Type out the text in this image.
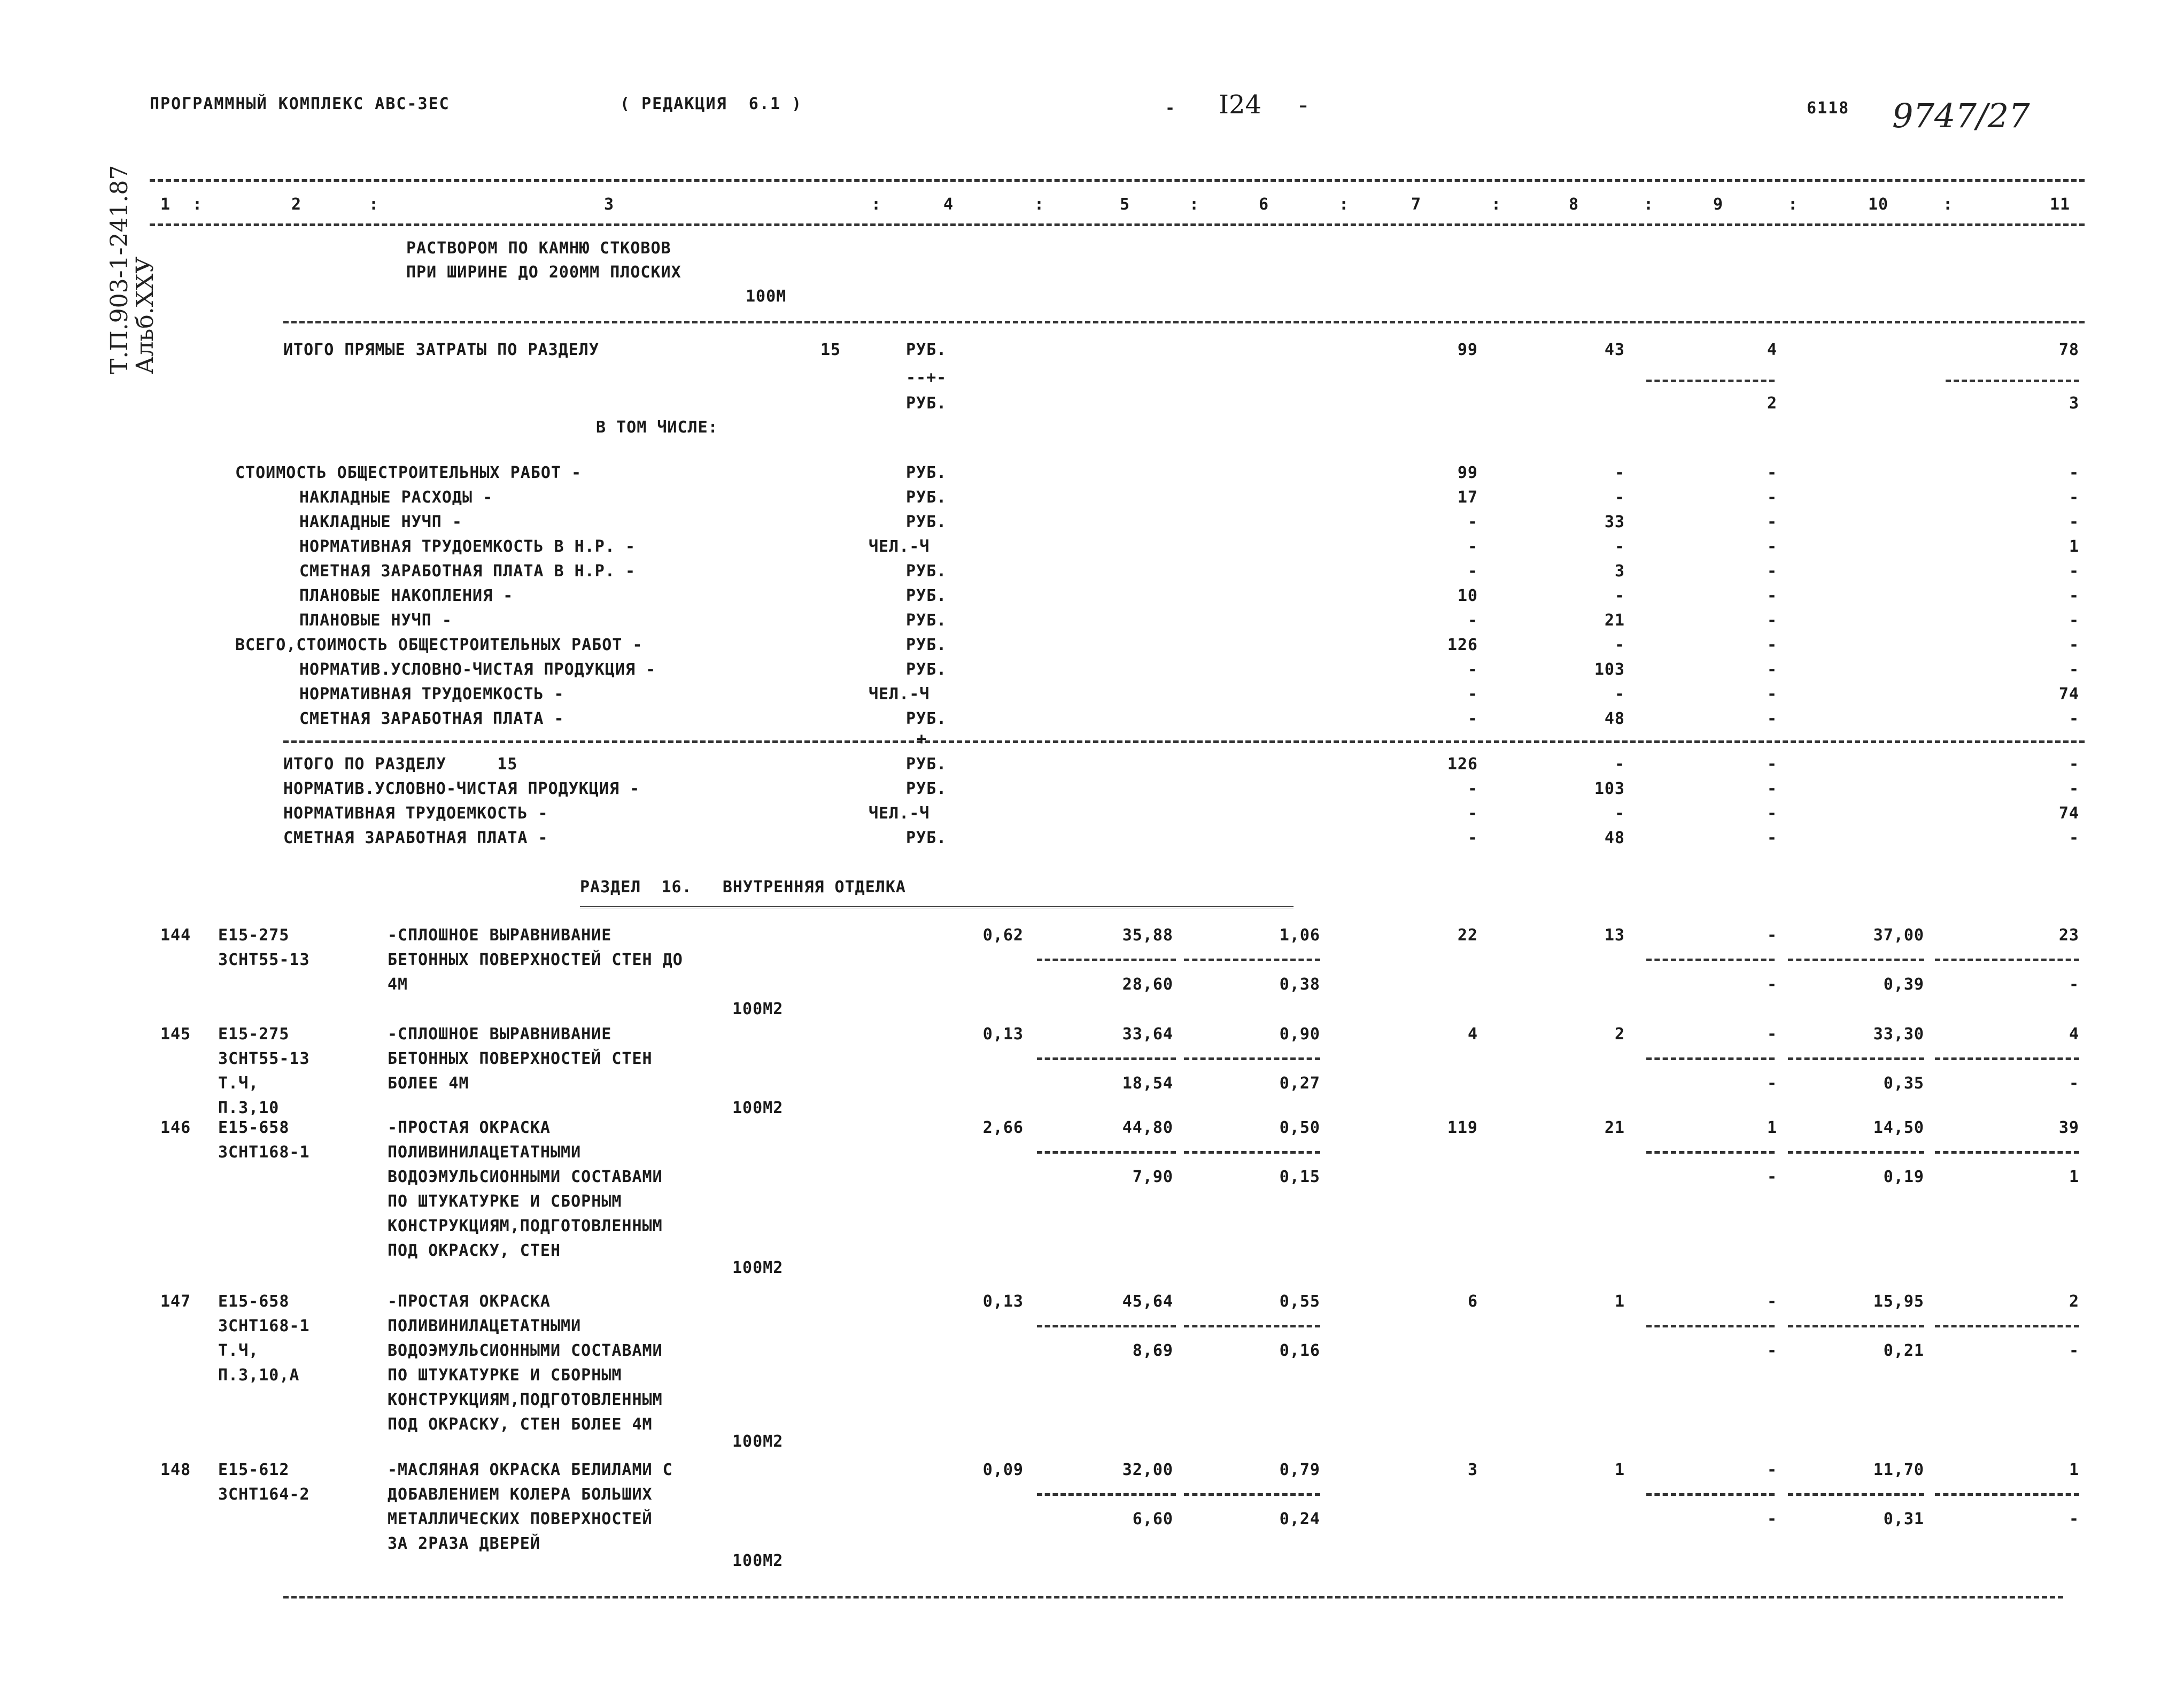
ПРОГРАММНЫЙ КОМПЛЕКС АВС-ЗЕС	( РЕДАКЦИЯ  6.1 )	- I24 -	6118 9747/27
Т.П.903-1-241.87
Альб.XXУ
1 :	2	:	3	:	4	:	5	:	6	:	7	:	8	:	9	:	10	:	11
РАСТВОРОМ ПО КАМНЮ СТКОВОВ
ПРИ ШИРИНЕ ДО 200ММ ПЛОСКИХ
100М
ИТОГО ПРЯМЫЕ ЗАТРАТЫ ПО РАЗДЕЛУ	15	РУБ.	99	43	4	78
--+-
РУБ.	2	3
В ТОМ ЧИСЛЕ:
СТОИМОСТЬ ОБЩЕСТРОИТЕЛЬНЫХ РАБОТ -	РУБ.	99	-	-	-
НАКЛАДНЫЕ РАСХОДЫ -	РУБ.	17	-	-	-
НАКЛАДНЫЕ НУЧП -	РУБ.	-	33	-	-
НОРМАТИВНАЯ ТРУДОЕМКОСТЬ В Н.Р. -	ЧЕЛ.-Ч	-	-	-	1
СМЕТНАЯ ЗАРАБОТНАЯ ПЛАТА В Н.Р. -	РУБ.	-	3	-	-
ПЛАНОВЫЕ НАКОПЛЕНИЯ -	РУБ.	10	-	-	-
ПЛАНОВЫЕ НУЧП -	РУБ.	-	21	-	-
ВСЕГО,СТОИМОСТЬ ОБЩЕСТРОИТЕЛЬНЫХ РАБОТ -	РУБ.	126	-	-	-
НОРМАТИВ.УСЛОВНО-ЧИСТАЯ ПРОДУКЦИЯ -	РУБ.	-	103	-	-
НОРМАТИВНАЯ ТРУДОЕМКОСТЬ -	ЧЕЛ.-Ч	-	-	-	74
СМЕТНАЯ ЗАРАБОТНАЯ ПЛАТА -	РУБ.	-	48	-	-
+
ИТОГО ПО РАЗДЕЛУ     15	РУБ.	126	-	-	-
НОРМАТИВ.УСЛОВНО-ЧИСТАЯ ПРОДУКЦИЯ -	РУБ.	-	103	-	-
НОРМАТИВНАЯ ТРУДОЕМКОСТЬ -	ЧЕЛ.-Ч	-	-	-	74
СМЕТНАЯ ЗАРАБОТНАЯ ПЛАТА -	РУБ.	-	48	-	-
РАЗДЕЛ  16.   ВНУТРЕННЯЯ ОТДЕЛКА
144 Е15-275
ЗСНТ55-13
-СПЛОШНОЕ ВЫРАВНИВАНИЕ
БЕТОННЫХ ПОВЕРХНОСТЕЙ СТЕН ДО
4М
100М2
0,62	35,88	1,06	22	13	-	37,00	23
28,60	0,38	-	0,39	-
145 Е15-275
ЗСНТ55-13
Т.Ч,
П.3,10
-СПЛОШНОЕ ВЫРАВНИВАНИЕ
БЕТОННЫХ ПОВЕРХНОСТЕЙ СТЕН
БОЛЕЕ 4М
100М2
0,13	33,64	0,90	4	2	-	33,30	4
18,54	0,27	-	0,35	-
146 Е15-658
ЗСНТ168-1
-ПРОСТАЯ ОКРАСКА
ПОЛИВИНИЛАЦЕТАТНЫМИ
ВОДОЭМУЛЬСИОННЫМИ СОСТАВАМИ
ПО ШТУКАТУРКЕ И СБОРНЫМ
КОНСТРУКЦИЯМ,ПОДГОТОВЛЕННЫМ
ПОД ОКРАСКУ, СТЕН
100М2
2,66	44,80	0,50	119	21	1	14,50	39
7,90	0,15	-	0,19	1
147 Е15-658
ЗСНТ168-1
Т.Ч,
П.3,10,А
-ПРОСТАЯ ОКРАСКА
ПОЛИВИНИЛАЦЕТАТНЫМИ
ВОДОЭМУЛЬСИОННЫМИ СОСТАВАМИ
ПО ШТУКАТУРКЕ И СБОРНЫМ
КОНСТРУКЦИЯМ,ПОДГОТОВЛЕННЫМ
ПОД ОКРАСКУ, СТЕН БОЛЕЕ 4М
100М2
0,13	45,64	0,55	6	1	-	15,95	2
8,69	0,16	-	0,21	-
148 Е15-612
ЗСНТ164-2
-МАСЛЯНАЯ ОКРАСКА БЕЛИЛАМИ С
ДОБАВЛЕНИЕМ КОЛЕРА БОЛЬШИХ
МЕТАЛЛИЧЕСКИХ ПОВЕРХНОСТЕЙ
ЗА 2РАЗА ДВЕРЕЙ
100М2
0,09	32,00	0,79	3	1	-	11,70	1
6,60	0,24	-	0,31	-
